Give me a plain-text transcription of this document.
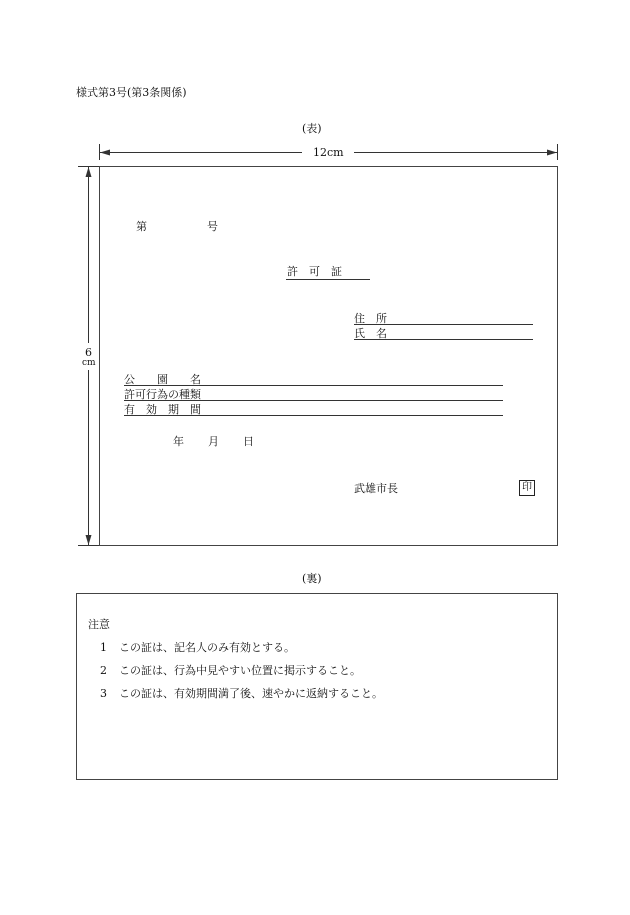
様式第3号(第3条関係)
(表)
12cm
6
cm
第	号
許　可　証
住　所
氏　名
公　　園　　名
許可行為の種類
有　効　期　間
年 月 日
武雄市長	印
(裏)
注意
1 この証は、記名人のみ有効とする。
2 この証は、行為中見やすい位置に掲示すること。
3 この証は、有効期間満了後、速やかに返納すること。
